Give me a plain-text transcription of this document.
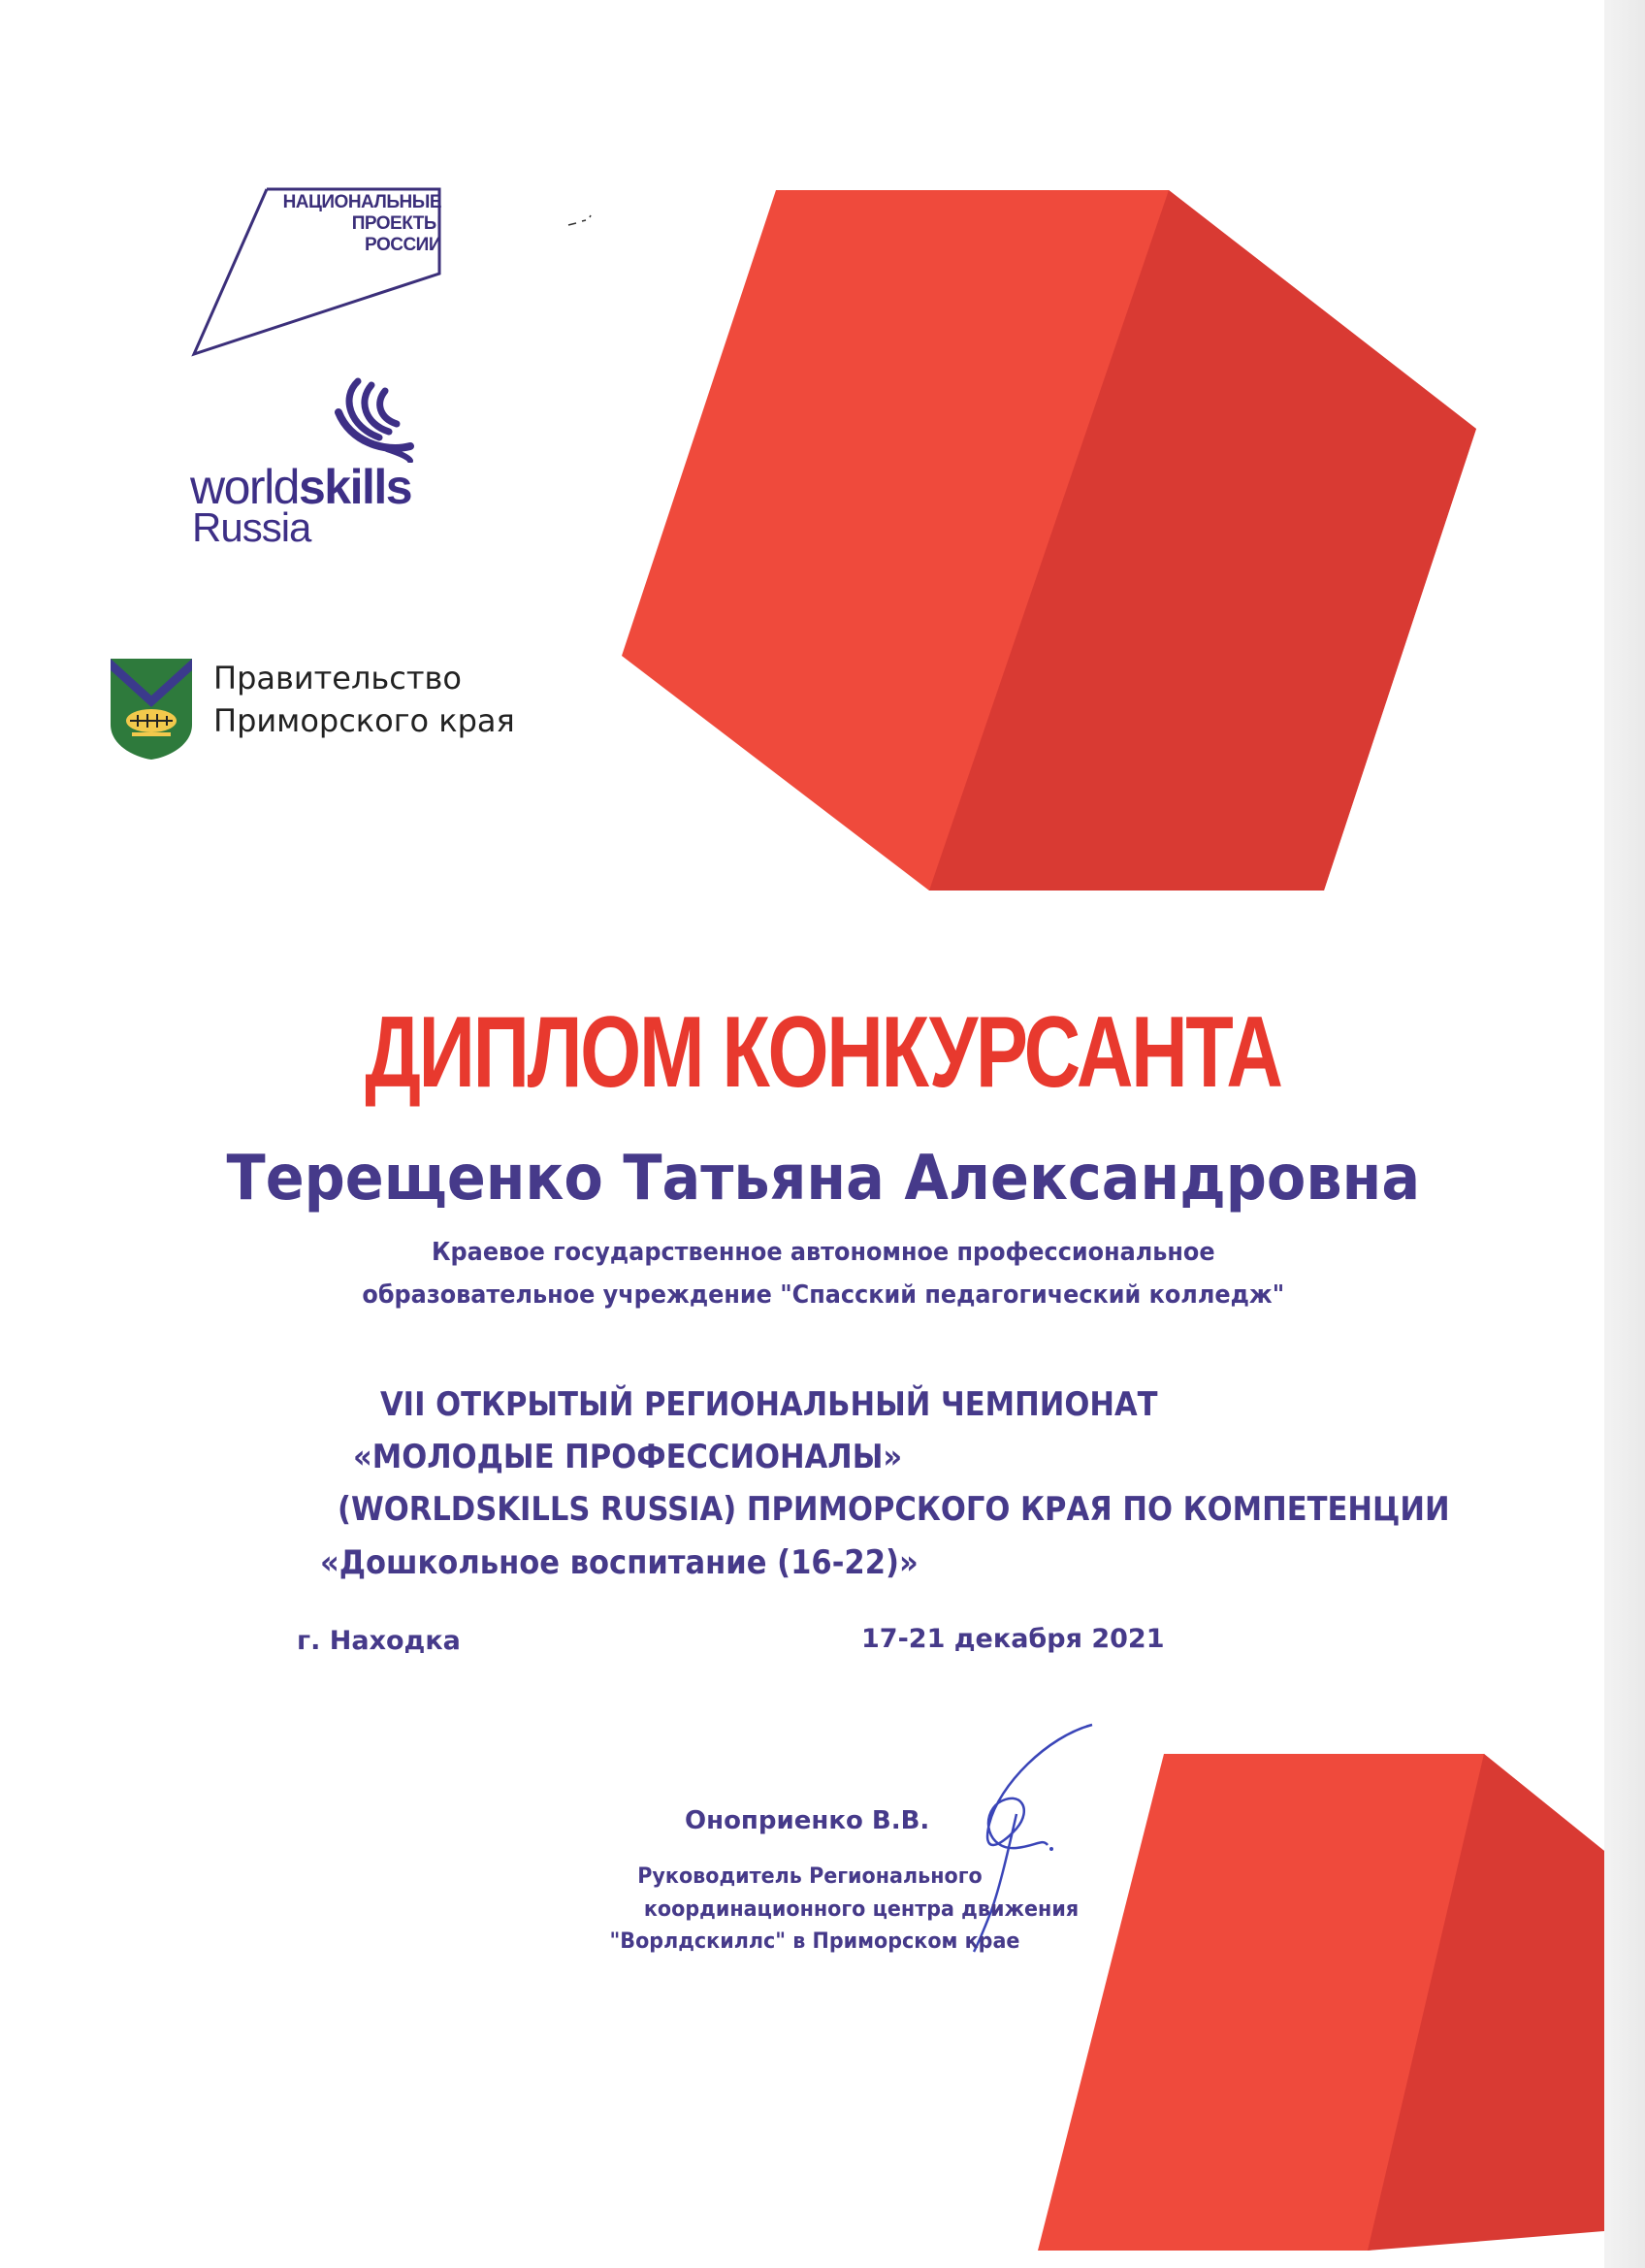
НАЦИОНАЛЬНЫЕ
ПРОЕКТЫ
РОССИИ
worldskills
Russia
Правительство
Приморского края
ДИПЛОМ КОНКУРСАНТА
Терещенко Татьяна Александровна
Краевое государственное автономное профессиональное
образовательное учреждение "Спасский педагогический колледж"
VII ОТКРЫТЫЙ РЕГИОНАЛЬНЫЙ ЧЕМПИОНАТ
«МОЛОДЫЕ ПРОФЕССИОНАЛЫ»
(WORLDSKILLS RUSSIA) ПРИМОРСКОГО КРАЯ ПО КОМПЕТЕНЦИИ
«Дошкольное воспитание (16-22)»
г. Находка	17-21 декабря 2021
Оноприенко В.В.
Руководитель Регионального
координационного центра движения
"Ворлдскиллс" в Приморском крае
